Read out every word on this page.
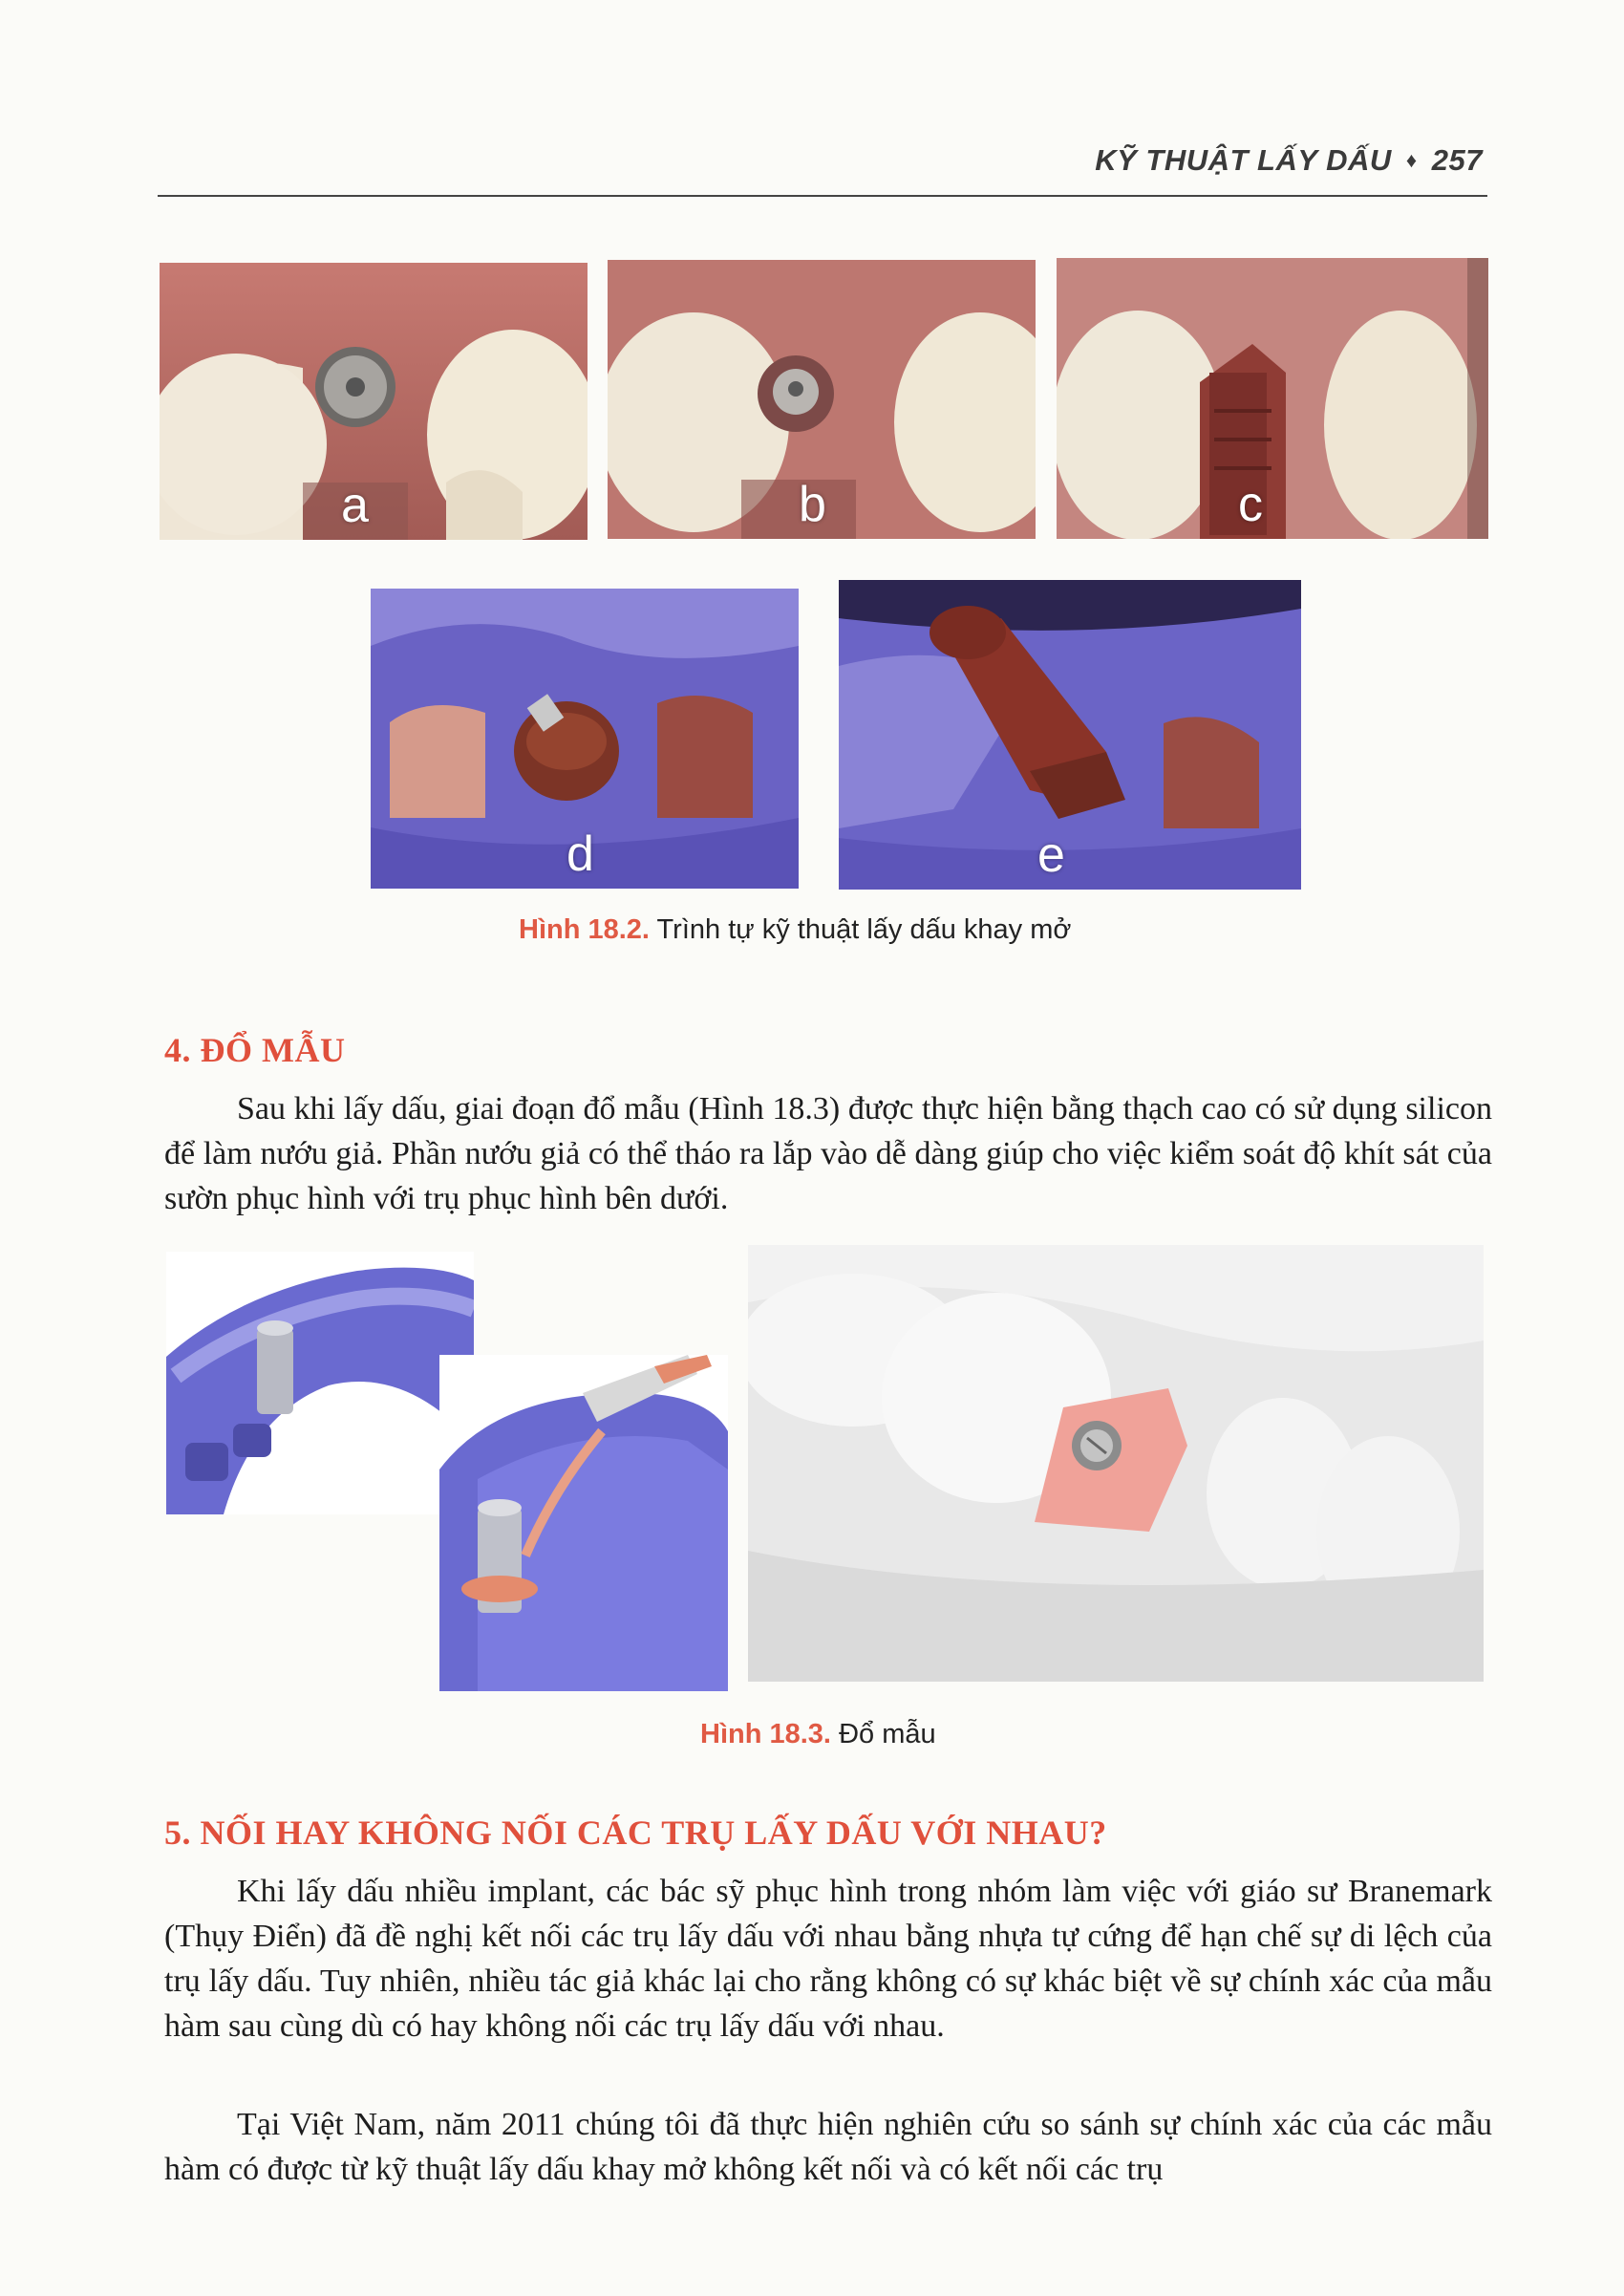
KỸ THUẬT LẤY DẤU ♦ 257
a	b	c
d	e
Hình 18.2. Trình tự kỹ thuật lấy dấu khay mở
4. ĐỔ MẪU

Sau khi lấy dấu, giai đoạn đổ mẫu (Hình 18.3) được thực hiện bằng thạch cao có sử dụng silicon để làm nướu giả. Phần nướu giả có thể tháo ra lắp vào dễ dàng giúp cho việc kiểm soát độ khít sát của sườn phục hình với trụ phục hình bên dưới.

Hình 18.3. Đổ mẫu
5. NỐI HAY KHÔNG NỐI CÁC TRỤ LẤY DẤU VỚI NHAU?

Khi lấy dấu nhiều implant, các bác sỹ phục hình trong nhóm làm việc với giáo sư Branemark (Thụy Điển) đã đề nghị kết nối các trụ lấy dấu với nhau bằng nhựa tự cứng để hạn chế sự di lệch của trụ lấy dấu. Tuy nhiên, nhiều tác giả khác lại cho rằng không có sự khác biệt về sự chính xác của mẫu hàm sau cùng dù có hay không nối các trụ lấy dấu với nhau.

Tại Việt Nam, năm 2011 chúng tôi đã thực hiện nghiên cứu so sánh sự chính xác của các mẫu hàm có được từ kỹ thuật lấy dấu khay mở không kết nối và có kết nối các trụ
